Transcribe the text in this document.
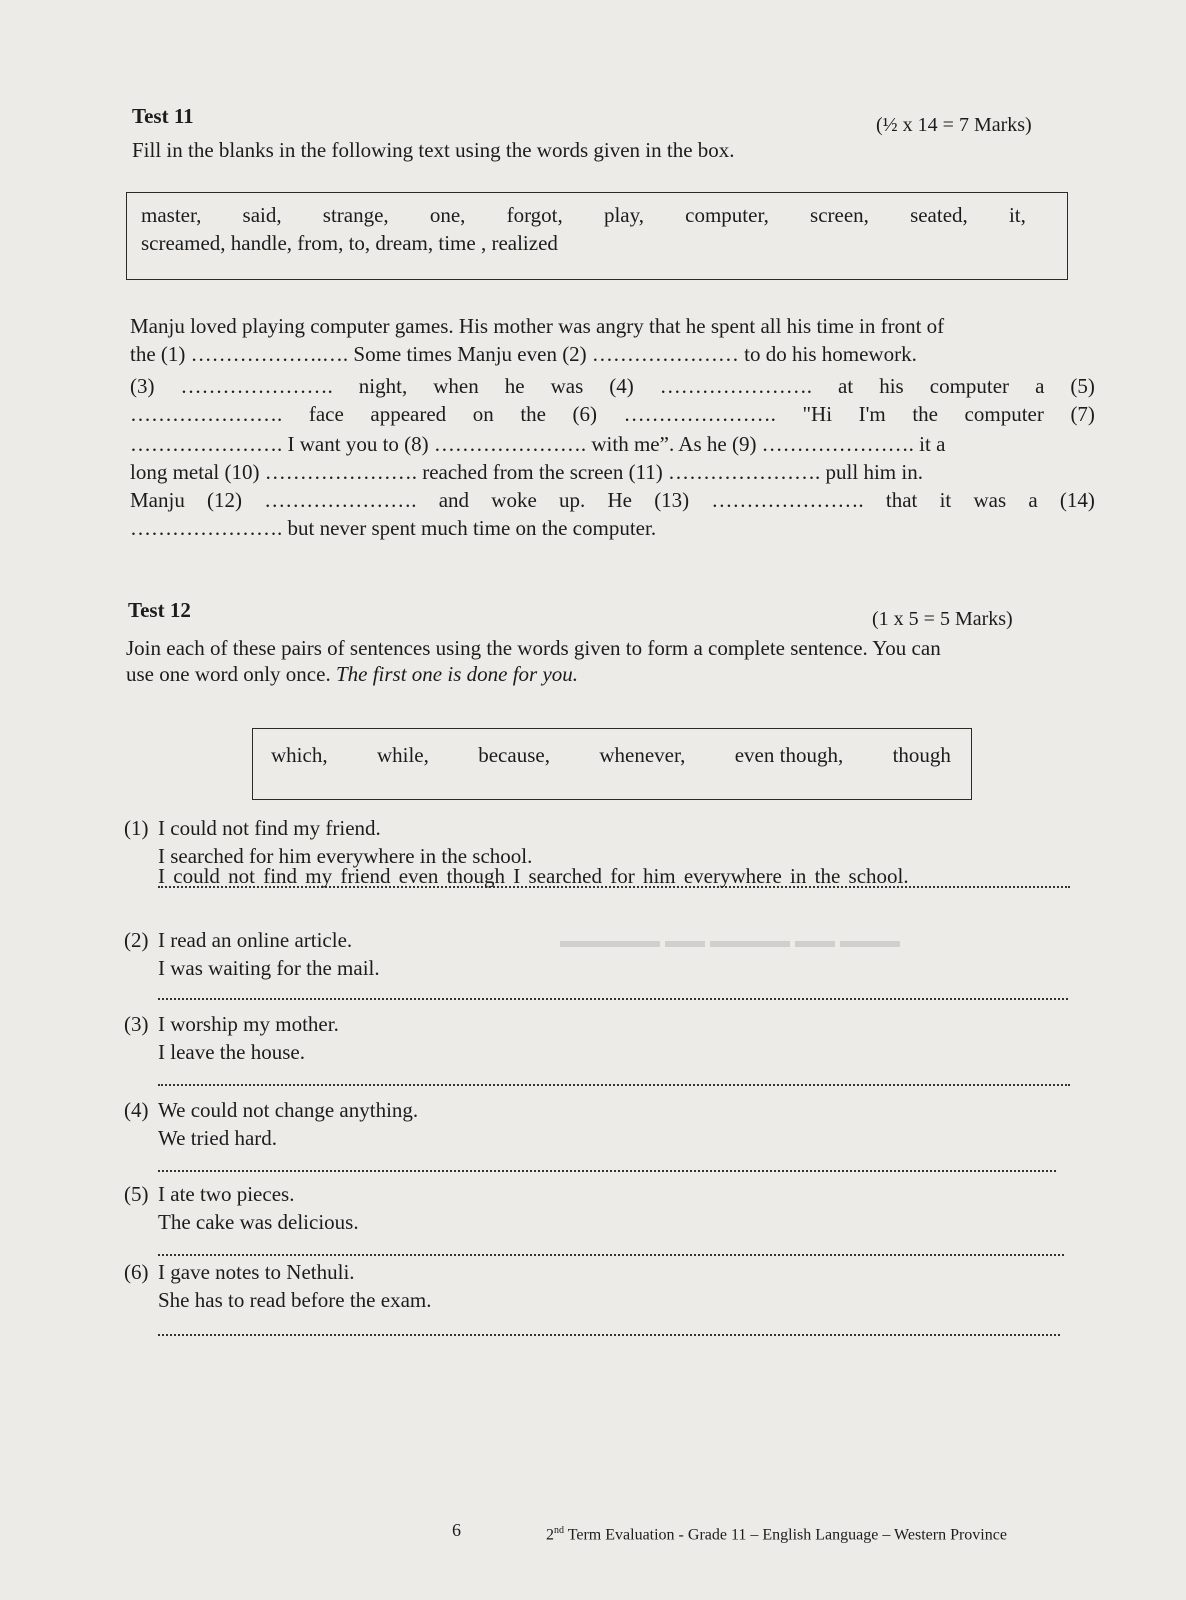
▬▬▬ ▬▬ ▬▬▬▬ ▬▬ ▬▬▬▬▬
Test 11	(½ x 14 = 7 Marks)
Fill in the blanks in the following text using the words given in the box.
master, said, strange, one, forgot, play, computer, screen, seated, it,
screamed, handle, from, to, dream, time , realized
Manju loved playing computer games. His mother was angry that he spent all his time in front of
the (1) ……………….…. Some times Manju even (2) ………………… to do his homework.
(3) …………………. night, when he was (4) …………………. at his computer a (5)
…………………. face appeared on the (6) …………………. "Hi I'm the computer (7)
…………………. I want you to (8) …………………. with me”. As he (9) …………………. it a
long metal (10) …………………. reached from the screen (11) …………………. pull him in.
Manju (12) …………………. and woke up. He (13) …………………. that it was a (14)
…………………. but never spent much time on the computer.
Test 12	(1 x 5 = 5 Marks)
Join each of these pairs of sentences using the words given to form a complete sentence. You can
use one word only once. The first one is done for you.
which, while, because, whenever, even though, though
(1) I could not find my friend.
I searched for him everywhere in the school.
I could not find my friend even though I searched for him everywhere in the school.
(2) I read an online article.
I was waiting for the mail.
(3) I worship my mother.
I leave the house.
(4) We could not change anything.
We tried hard.
(5) I ate two pieces.
The cake was delicious.
(6) I gave notes to Nethuli.
She has to read before the exam.
6	2nd Term Evaluation - Grade 11 – English Language – Western Province
